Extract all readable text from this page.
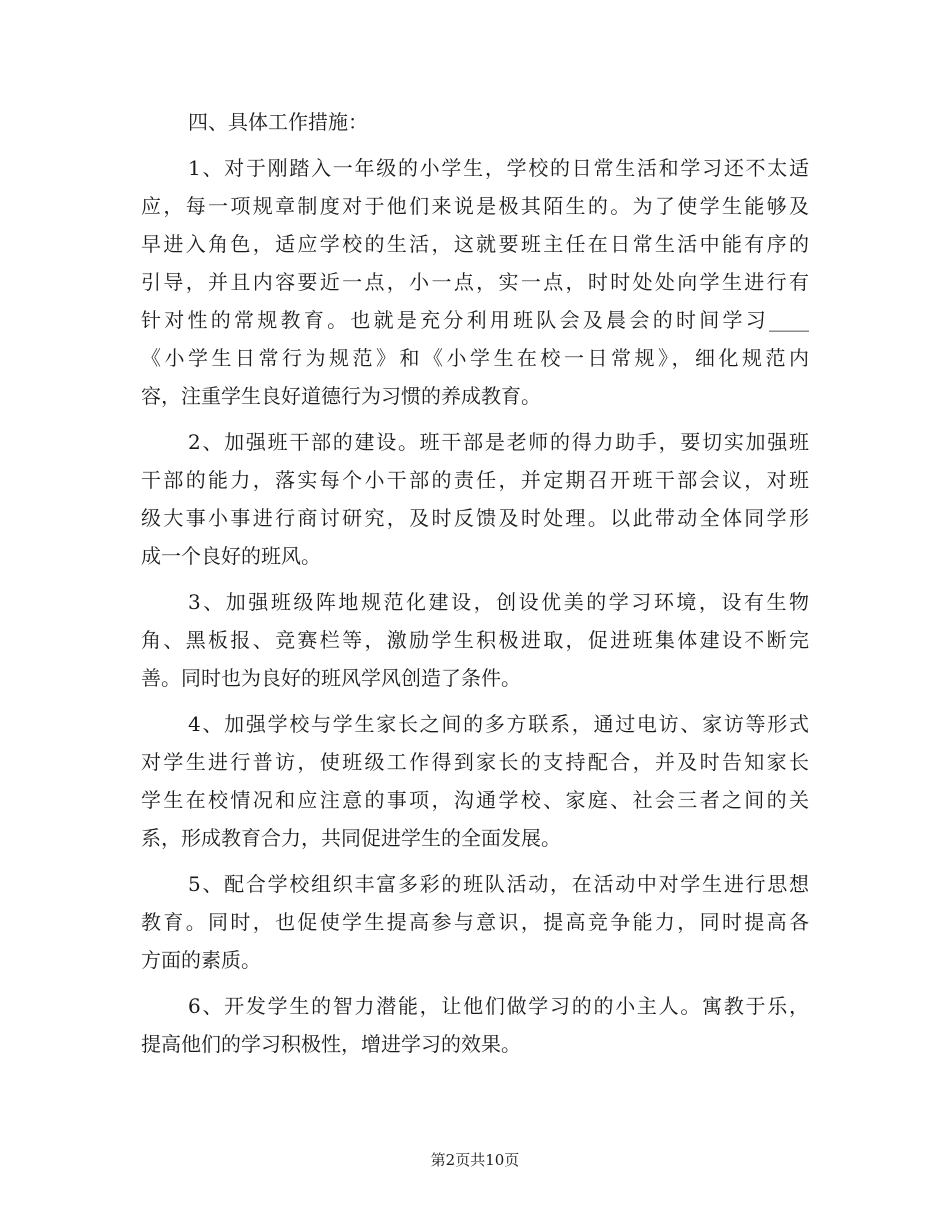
四、具体工作措施：
1、对于刚踏入一年级的小学生，学校的日常生活和学习还不太适
应，每一项规章制度对于他们来说是极其陌生的。为了使学生能够及
早进入角色，适应学校的生活，这就要班主任在日常生活中能有序的
引导，并且内容要近一点，小一点，实一点，时时处处向学生进行有
针对性的常规教育。也就是充分利用班队会及晨会的时间学习____
《小学生日常行为规范》和《小学生在校一日常规》，细化规范内
容，注重学生良好道德行为习惯的养成教育。
2、加强班干部的建设。班干部是老师的得力助手，要切实加强班
干部的能力，落实每个小干部的责任，并定期召开班干部会议，对班
级大事小事进行商讨研究，及时反馈及时处理。以此带动全体同学形
成一个良好的班风。
3、加强班级阵地规范化建设，创设优美的学习环境，设有生物
角、黑板报、竞赛栏等，激励学生积极进取，促进班集体建设不断完
善。同时也为良好的班风学风创造了条件。
4、加强学校与学生家长之间的多方联系，通过电访、家访等形式
对学生进行普访，使班级工作得到家长的支持配合，并及时告知家长
学生在校情况和应注意的事项，沟通学校、家庭、社会三者之间的关
系，形成教育合力，共同促进学生的全面发展。
5、配合学校组织丰富多彩的班队活动，在活动中对学生进行思想
教育。同时，也促使学生提高参与意识，提高竞争能力，同时提高各
方面的素质。
6、开发学生的智力潜能，让他们做学习的的小主人。寓教于乐，
提高他们的学习积极性，增进学习的效果。
第2页共10页
